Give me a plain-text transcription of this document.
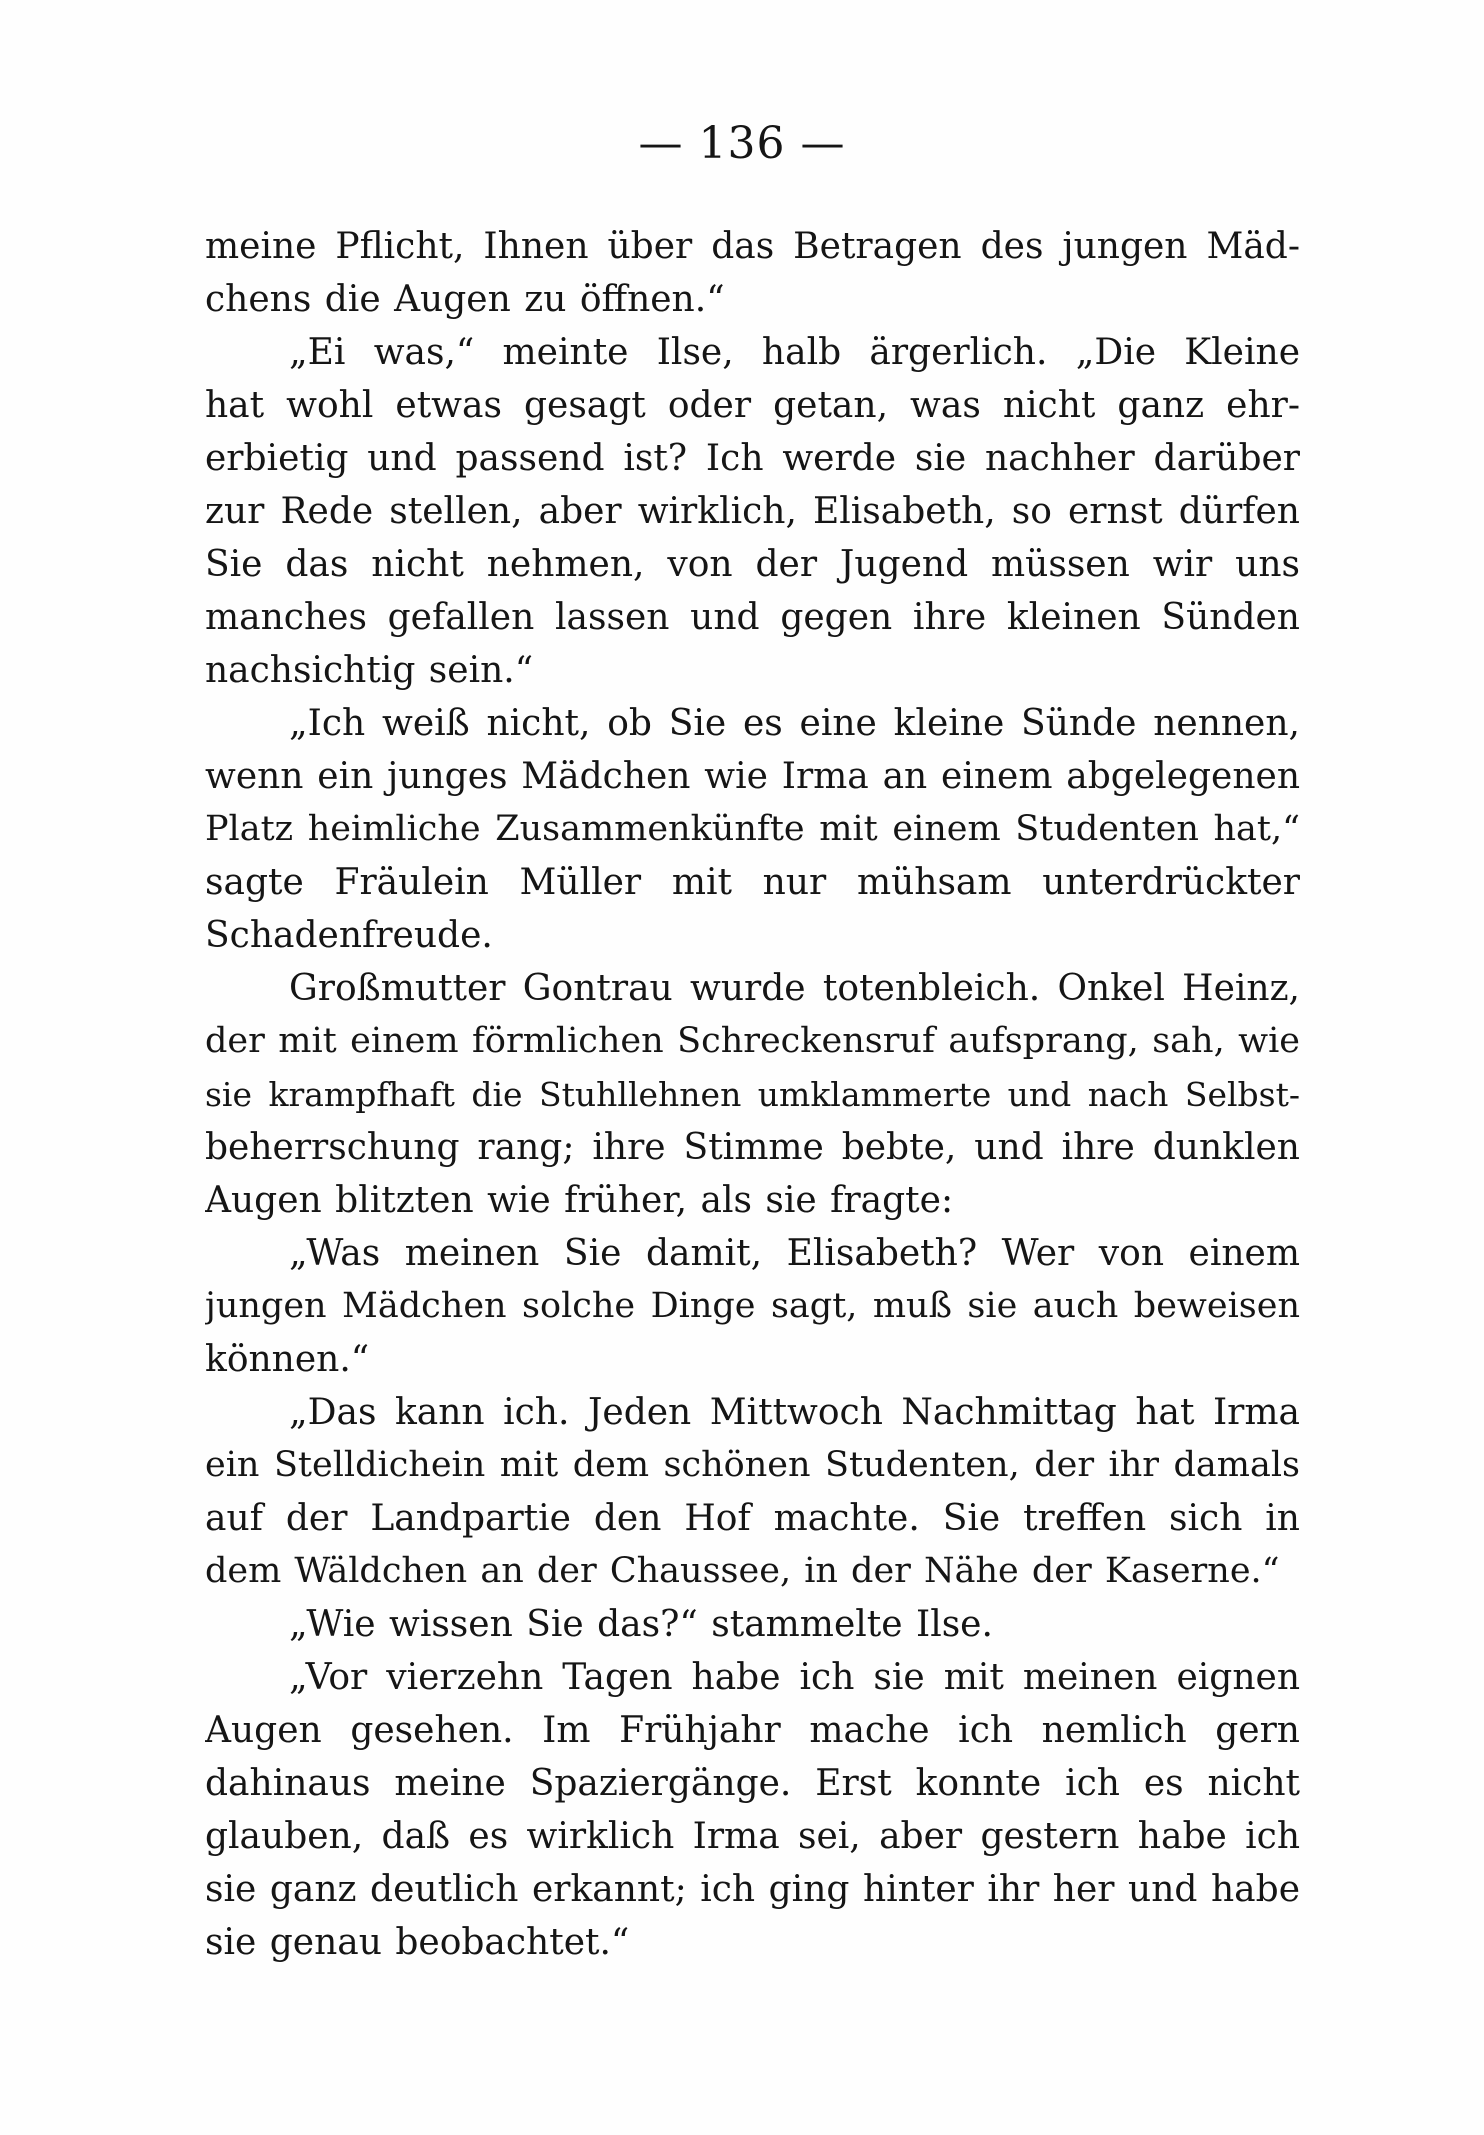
— 136 —
meine Pflicht, Ihnen über das Betragen des jungen Mäd-
chens die Augen zu öffnen.“
„Ei was,“ meinte Ilse, halb ärgerlich. „Die Kleine
hat wohl etwas gesagt oder getan, was nicht ganz ehr-
erbietig und passend ist? Ich werde sie nachher darüber
zur Rede stellen, aber wirklich, Elisabeth, so ernst dürfen
Sie das nicht nehmen, von der Jugend müssen wir uns
manches gefallen lassen und gegen ihre kleinen Sünden
nachsichtig sein.“
„Ich weiß nicht, ob Sie es eine kleine Sünde nennen,
wenn ein junges Mädchen wie Irma an einem abgelegenen
Platz heimliche Zusammenkünfte mit einem Studenten hat,“
sagte Fräulein Müller mit nur mühsam unterdrückter
Schadenfreude.
Großmutter Gontrau wurde totenbleich. Onkel Heinz,
der mit einem förmlichen Schreckensruf aufsprang, sah, wie
sie krampfhaft die Stuhllehnen umklammerte und nach Selbst-
beherrschung rang; ihre Stimme bebte, und ihre dunklen
Augen blitzten wie früher, als sie fragte:
„Was meinen Sie damit, Elisabeth? Wer von einem
jungen Mädchen solche Dinge sagt, muß sie auch beweisen
können.“
„Das kann ich. Jeden Mittwoch Nachmittag hat Irma
ein Stelldichein mit dem schönen Studenten, der ihr damals
auf der Landpartie den Hof machte. Sie treffen sich in
dem Wäldchen an der Chaussee, in der Nähe der Kaserne.“
„Wie wissen Sie das?“ stammelte Ilse.
„Vor vierzehn Tagen habe ich sie mit meinen eignen
Augen gesehen. Im Frühjahr mache ich nemlich gern
dahinaus meine Spaziergänge. Erst konnte ich es nicht
glauben, daß es wirklich Irma sei, aber gestern habe ich
sie ganz deutlich erkannt; ich ging hinter ihr her und habe
sie genau beobachtet.“
